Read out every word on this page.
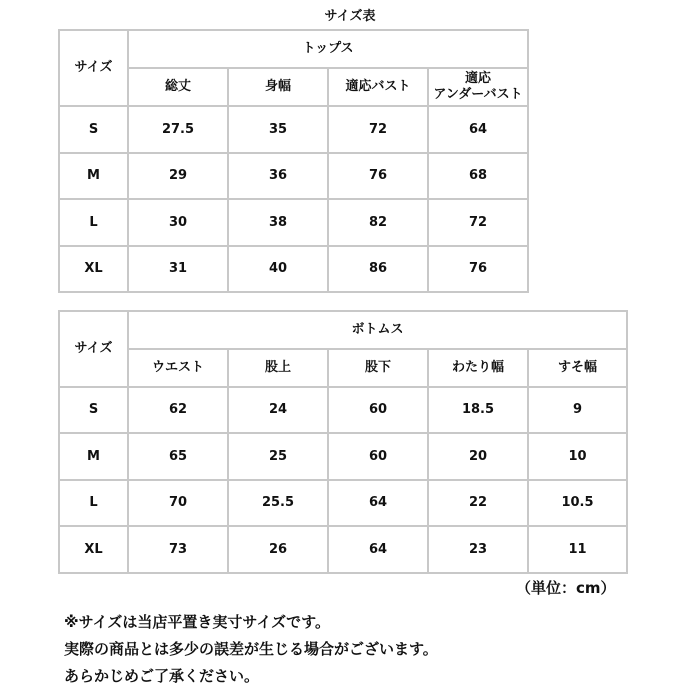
サイズ表
サイズ	トップス			
	総丈	身幅	適応バスト	適応
アンダーバスト

S	27.5	35	72	64
M	29	36	76	68
L	30	38	82	72
XL	31	40	86	76
サイズ	ボトムス				
	ウエスト	股上	股下	わたり幅	すそ幅
S	62	24	60	18.5	9
M	65	25	60	20	10
L	70	25.5	64	22	10.5
XL	73	26	64	23	11
（単位：cm）
※サイズは当店平置き実寸サイズです。
実際の商品とは多少の誤差が生じる場合がございます。
あらかじめご了承ください。
